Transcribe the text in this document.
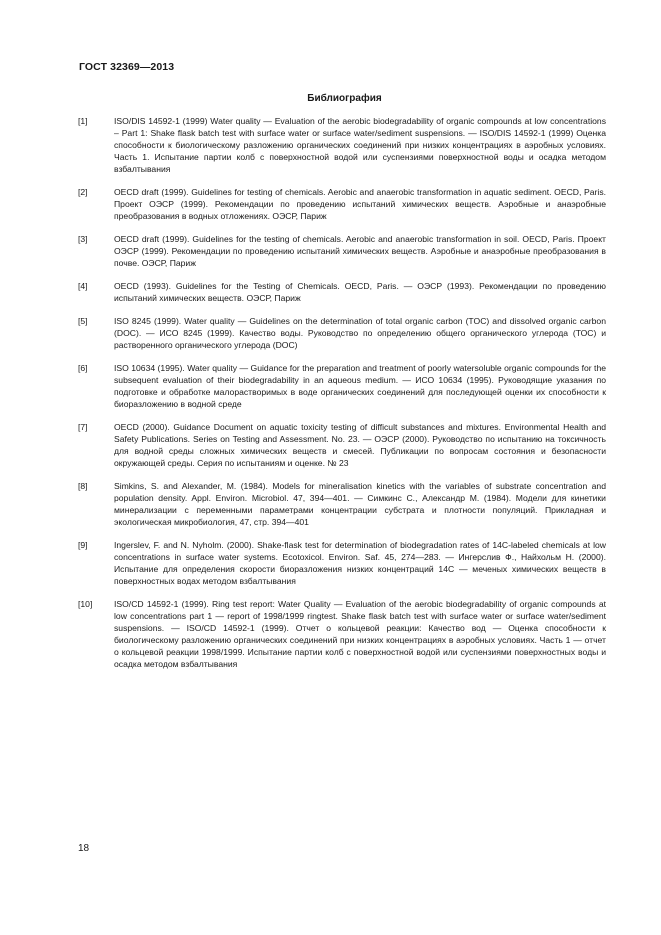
ГОСТ 32369—2013
Библиография
[1]	ISO/DIS 14592-1 (1999) Water quality — Evaluation of the aerobic biodegradability of organic compounds at low concentrations – Part 1: Shake flask batch test with surface water or surface water/sediment suspensions. — ISO/DIS 14592-1 (1999) Оценка способности к биологическому разложению органических соединений при низких концентрациях в аэробных условиях. Часть 1. Испытание партии колб с поверхностной водой или суспензиями поверхностной воды и осадка методом взбалтывания
[2]	OECD draft (1999). Guidelines for testing of chemicals. Aerobic and anaerobic transformation in aquatic sediment. OECD, Paris. Проект ОЭСР (1999). Рекомендации по проведению испытаний химических веществ. Аэробные и анаэробные преобразования в водных отложениях. ОЭСР, Париж
[3]	OECD draft (1999). Guidelines for the testing of chemicals. Aerobic and anaerobic transformation in soil. OECD, Paris. Проект ОЭСР (1999). Рекомендации по проведению испытаний химических веществ. Аэробные и анаэробные преобразования в почве. ОЭСР, Париж
[4]	OECD (1993). Guidelines for the Testing of Chemicals. OECD, Paris. — ОЭСР (1993). Рекомендации по проведению испытаний химических веществ. ОЭСР, Париж
[5]	ISO 8245 (1999). Water quality — Guidelines on the determination of total organic carbon (TOC) and dissolved organic carbon (DOC). — ИСО 8245 (1999). Качество воды. Руководство по определению общего органического углерода (ТОС) и растворенного органического углерода (DOC)
[6]	ISO 10634 (1995). Water quality — Guidance for the preparation and treatment of poorly watersoluble organic compounds for the subsequent evaluation of their biodegradability in an aqueous medium. — ИСО 10634 (1995). Руководящие указания по подготовке и обработке малорастворимых в воде органических соединений для последующей оценки их способности к биоразложению в водной среде
[7]	OECD (2000). Guidance Document on aquatic toxicity testing of difficult substances and mixtures. Environmental Health and Safety Publications. Series on Testing and Assessment. No. 23. — ОЭСР (2000). Руководство по испытанию на токсичность для водной среды сложных химических веществ и смесей. Публикации по вопросам состояния и безопасности окружающей среды. Серия по испытаниям и оценке. № 23
[8]	Simkins, S. and Alexander, M. (1984). Models for mineralisation kinetics with the variables of substrate concentration and population density. Appl. Environ. Microbiol. 47, 394—401. — Симкинс С., Александр М. (1984). Модели для кинетики минерализации с переменными параметрами концентрации субстрата и плотности популяций. Прикладная и экологическая микробиология, 47, стр. 394—401
[9]	Ingerslev, F. and N. Nyholm. (2000). Shake-flask test for determination of biodegradation rates of 14C-labeled chemicals at low concentrations in surface water systems. Ecotoxicol. Environ. Saf. 45, 274—283. — Ингерслив Ф., Найхольм Н. (2000). Испытание для определения скорости биоразложения низких концентраций 14С — меченых химических веществ в поверхностных водах методом взбалтывания
[10]	ISO/CD 14592-1 (1999). Ring test report: Water Quality — Evaluation of the aerobic biodegradability of organic compounds at low concentrations part 1 — report of 1998/1999 ringtest. Shake flask batch test with surface water or surface water/sediment suspensions. — ISO/CD 14592-1 (1999). Отчет о кольцевой реакции: Качество вод — Оценка способности к биологическому разложению органических соединений при низких концентрациях в аэробных условиях. Часть 1 — отчет о кольцевой реакции 1998/1999. Испытание партии колб с поверхностной водой или суспензиями поверхностных воды и осадка методом взбалтывания
18
